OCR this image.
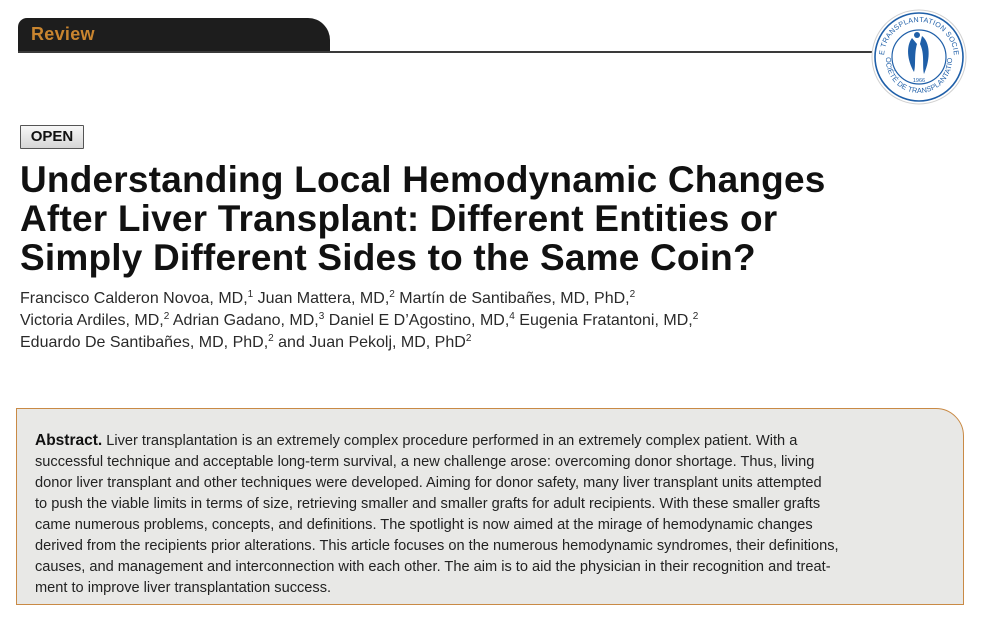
Review
E TRANSPLANTATION SOCIE
OCIÉTÉ DE TRANSPLANTATIO
1966
OPEN
Understanding Local Hemodynamic Changes
After Liver Transplant: Different Entities or
Simply Different Sides to the Same Coin?
Francisco Calderon Novoa, MD,$^1$ Juan Mattera, MD,$^2$ Martín de Santibañes, MD, PhD,$^2$
Victoria Ardiles, MD,$^2$ Adrian Gadano, MD,$^3$ Daniel E D’Agostino, MD,$^4$ Eugenia Fratantoni, MD,$^2$
Eduardo De Santibañes, MD, PhD,$^2$ and Juan Pekolj, MD, PhD$^2$
Abstract. Liver transplantation is an extremely complex procedure performed in an extremely complex patient. With a
successful technique and acceptable long-term survival, a new challenge arose: overcoming donor shortage. Thus, living
donor liver transplant and other techniques were developed. Aiming for donor safety, many liver transplant units attempted
to push the viable limits in terms of size, retrieving smaller and smaller grafts for adult recipients. With these smaller grafts
came numerous problems, concepts, and definitions. The spotlight is now aimed at the mirage of hemodynamic changes
derived from the recipients prior alterations. This article focuses on the numerous hemodynamic syndromes, their definitions,
causes, and management and interconnection with each other. The aim is to aid the physician in their recognition and treat-
ment to improve liver transplantation success.
